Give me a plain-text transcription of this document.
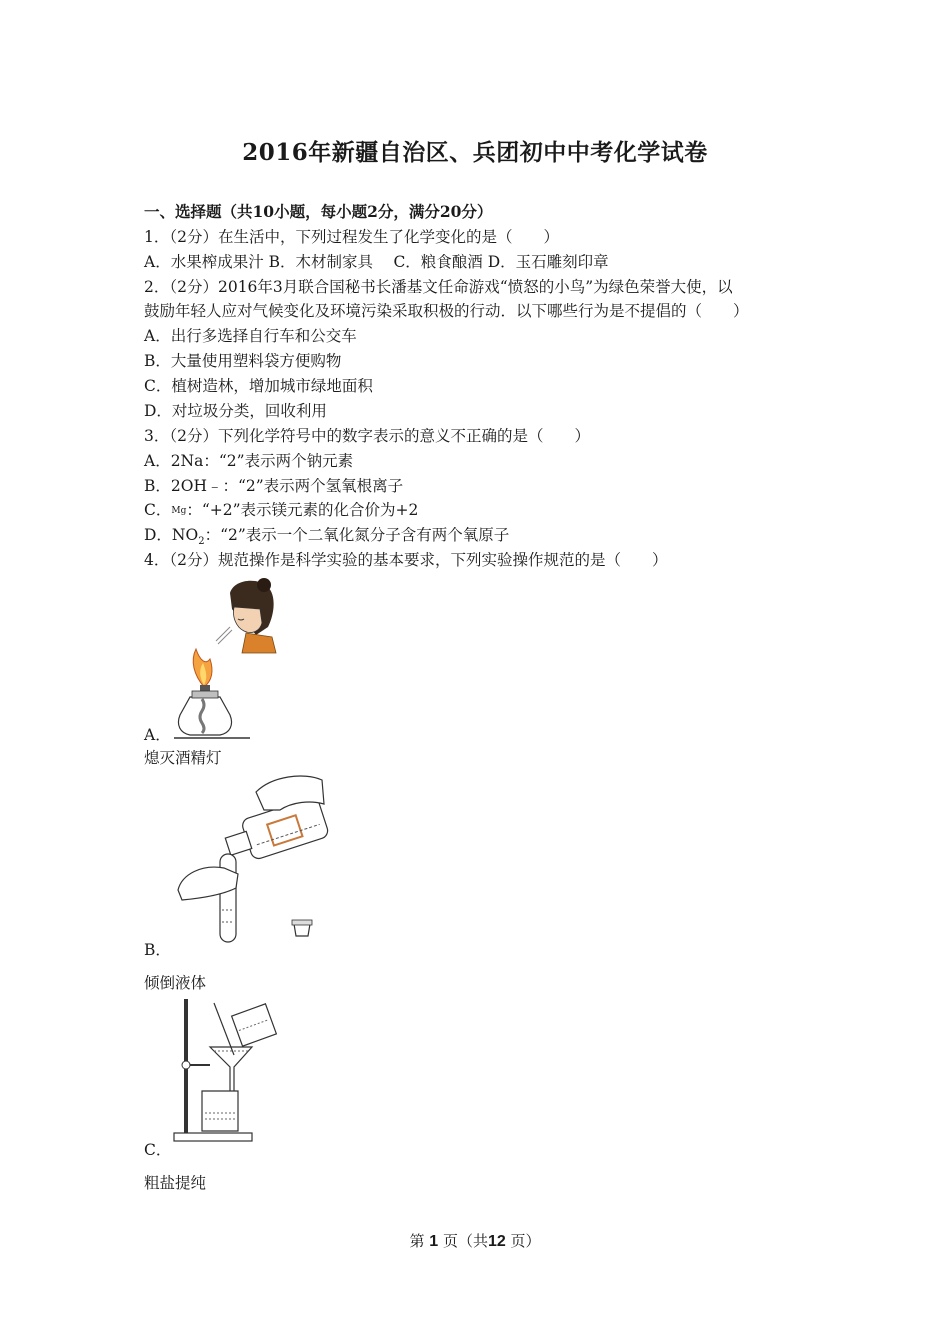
2016年新疆自治区、兵团初中中考化学试卷
一、选择题（共10小题，每小题2分，满分20分）
1．（2分）在生活中，下列过程发生了化学变化的是（　　）
A．水果榨成果汁 B．木材制家具　 C．粮食酿酒 D．玉石雕刻印章
2．（2分）2016年3月联合国秘书长潘基文任命游戏“愤怒的小鸟”为绿色荣誉大使，以
鼓励年轻人应对气候变化及环境污染采取积极的行动．以下哪些行为是不提倡的（　　）
A．出行多选择自行车和公交车
B．大量使用塑料袋方便购物
C．植树造林，增加城市绿地面积
D．对垃圾分类，回收利用
3．（2分）下列化学符号中的数字表示的意义不正确的是（　　）
A．2Na：“2”表示两个钠元素
B．2OH﹣：“2”表示两个氢氧根离子
C．Mg：“+2”表示镁元素的化合价为+2
D．$NO_2$：“2”表示一个二氧化氮分子含有两个氧原子
4．（2分）规范操作是科学实验的基本要求，下列实验操作规范的是（　　）
A．
熄灭酒精灯
B．
倾倒液体
C．
粗盐提纯
第 1 页（共12 页）
